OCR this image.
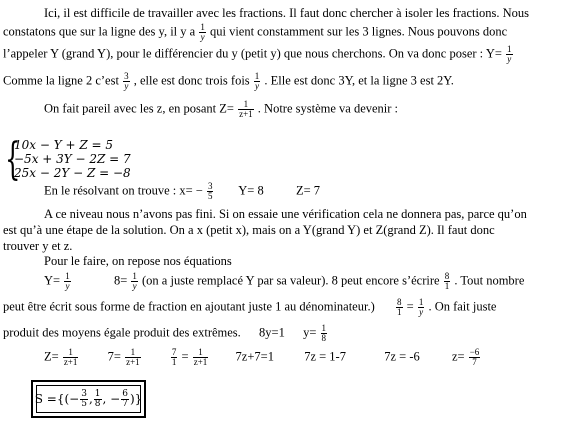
Ici, il est difficile de travailler avec les fractions. Il faut donc chercher à isoler les fractions. Nous
constatons que sur la ligne des y, il y a $\frac{1}{y}$ qui vient constamment sur les 3 lignes. Nous pouvons donc
l’appeler Y (grand Y), pour le différencier du y (petit y) que nous cherchons. On va donc poser : $Y= \frac{1}{y}$
Comme la ligne 2 c’est $\frac{3}{y}$ , elle est donc trois fois $\frac{1}{y}$ . Elle est donc 3Y, et la ligne 3 est 2Y.
On fait pareil avec les z, en posant $Z= \frac{1}{z+1}$ . Notre système va devenir :
{
10x − Y + Z = 5
−5x + 3Y − 2Z = 7
25x − 2Y − Z = −8
En le résolvant on trouve : $x= - \frac{3}{5} Y= 8$	Z= 7
A ce niveau nous n’avons pas fini. Si on essaie une vérification cela ne donnera pas, parce qu’on
est qu’à une étape de la solution. On a x (petit x), mais on a Y(grand Y) et Z(grand Z). Il faut donc
trouver y et z.
Pour le faire, on repose nos équations
$Y= \frac{1}{y}$	$8= \frac{1}{y} (on$ a juste remplacé Y par sa valeur). 8 peut encore s’écrire $\frac{8}{1}$ . Tout nombre
peut être écrit sous forme de fraction en ajoutant juste 1 au dénominateur.) $\frac{8}{1} = \frac{1}{y}$ . On fait juste
produit des moyens égale produit des extrêmes. 8y=1 $y= \frac{1}{8}$
$Z= \frac{1}{z+1} 7= \frac{1}{z+1}$
	$\frac{7}{1} = \frac{1}{z+1} 7z+7=1$ 7z = 1-7	7z = -6	$z= \frac{-6}{7}$
S = {(− $\frac{3}{5}$ , $\frac{1}{8}$ , − $\frac{6}{7}$ )}
